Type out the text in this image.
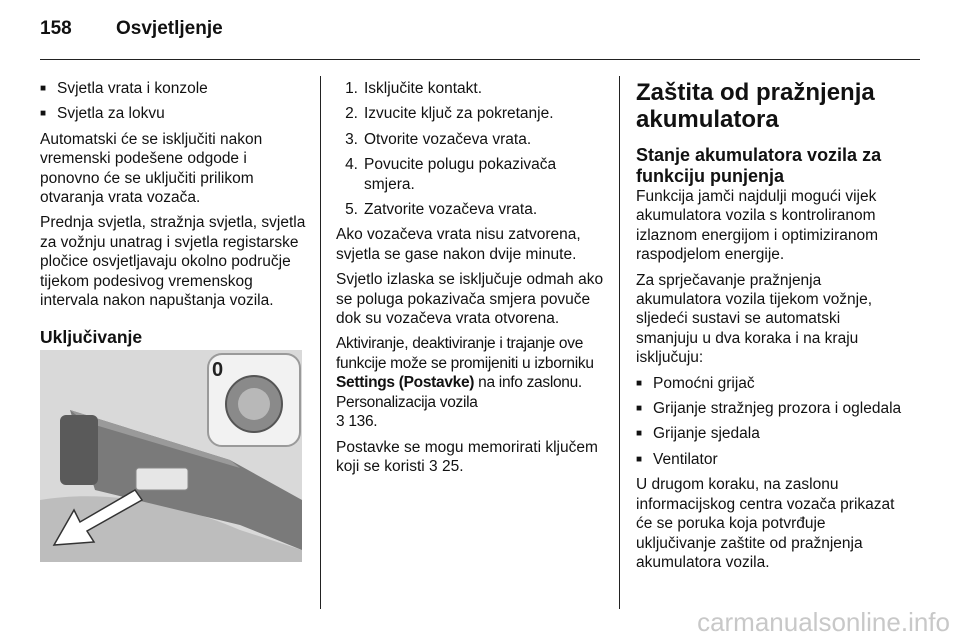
158 Osvjetljenje
■ Svjetla vrata i konzole
■ Svjetla za lokvu

Automatski će se isključiti nakon vremenski podešene odgode i ponovno će se uključiti prilikom otvaranja vrata vozača.

Prednja svjetla, stražnja svjetla, svjetla za vožnju unatrag i svjetla registarske pločice osvjetljavaju okolno područje tijekom podesivog vremenskog intervala nakon napuštanja vozila.

Uključivanje
0
1. Isključite kontakt.
2. Izvucite ključ za pokretanje.
3. Otvorite vozačeva vrata.
4. Povucite polugu pokazivača smjera.
5. Zatvorite vozačeva vrata.

Ako vozačeva vrata nisu zatvorena, svjetla se gase nakon dvije minute.

Svjetlo izlaska se isključuje odmah ako se poluga pokazivača smjera povuče dok su vozačeva vrata otvorena.

Aktiviranje, deaktiviranje i trajanje ove funkcije može se promijeniti u izborniku Settings (Postavke) na info zaslonu. Personalizacija vozila
3 136.

Postavke se mogu memorirati ključem koji se koristi 3 25.

Zaštita od pražnjenja akumulatora
Stanje akumulatora vozila za funkciju punjenja

Funkcija jamči najdulji mogući vijek akumulatora vozila s kontroliranom izlaznom energijom i optimiziranom raspodjelom energije.

Za sprječavanje pražnjenja akumulatora vozila tijekom vožnje, sljedeći sustavi se automatski smanjuju u dva koraka i na kraju isključuju:

■ Pomoćni grijač
■ Grijanje stražnjeg prozora i ogledala
■ Grijanje sjedala
■ Ventilator

U drugom koraku, na zaslonu informacijskog centra vozača prikazat će se poruka koja potvrđuje uključivanje zaštite od pražnjenja akumulatora vozila.

carmanualsonline.info
